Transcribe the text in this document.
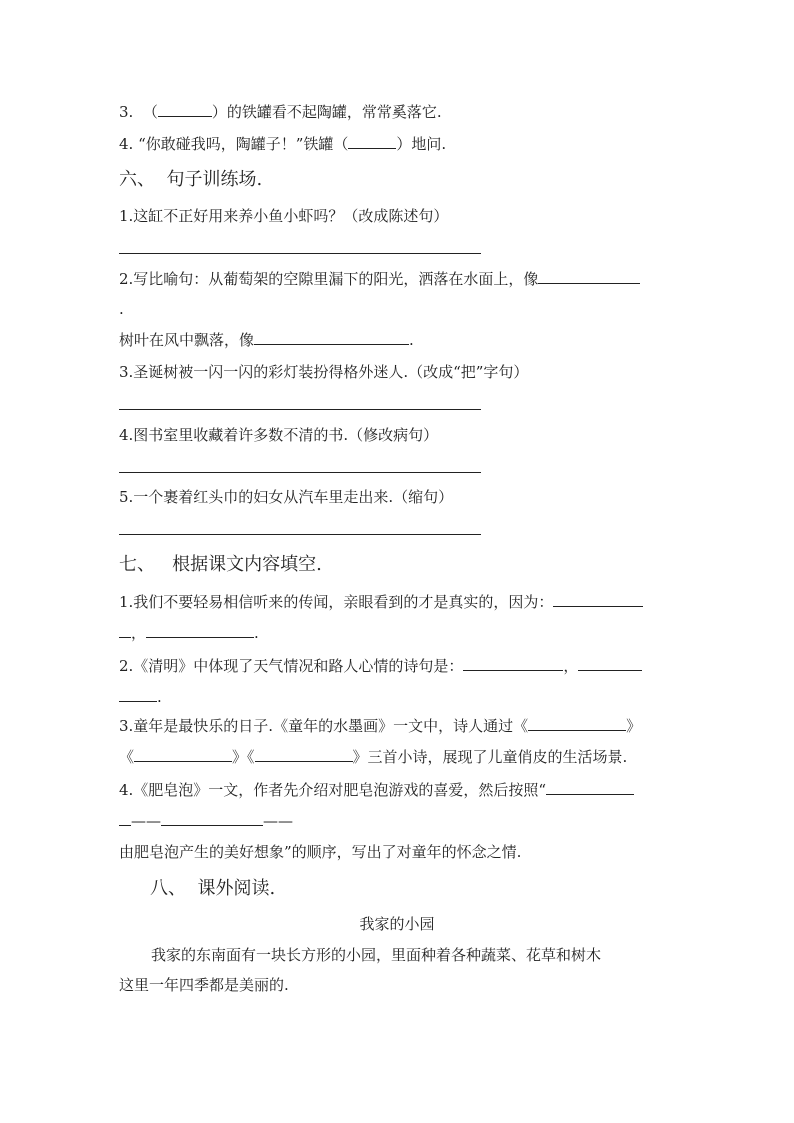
3. （	）的铁罐看不起陶罐，常常奚落它.
4. “你敢碰我吗，陶罐子！”铁罐（	）地问.
六、 句子训练场.
1.这缸不正好用来养小鱼小虾吗？（改成陈述句）
2.写比喻句：从葡萄架的空隙里漏下的阳光，洒落在水面上，像
.
树叶在风中飘落，像	.
3.圣诞树被一闪一闪的彩灯装扮得格外迷人.（改成“把”字句）
4.图书室里收藏着许多数不清的书.（修改病句）
5.一个裹着红头巾的妇女从汽车里走出来.（缩句）
七、 根据课文内容填空.
1.我们不要轻易相信听来的传闻，亲眼看到的才是真实的，因为：
，	.
2.《清明》中体现了天气情况和路人心情的诗句是：	，
.
3.童年是最快乐的日子.《童年的水墨画》一文中，诗人通过《	》
《	》《	》三首小诗，展现了儿童俏皮的生活场景.
4.《肥皂泡》一文，作者先介绍对肥皂泡游戏的喜爱，然后按照“
——	——
由肥皂泡产生的美好想象”的顺序，写出了对童年的怀念之情.
八、 课外阅读.
我家的小园
我家的东南面有一块长方形的小园，里面种着各种蔬菜、花草和树木
这里一年四季都是美丽的.
